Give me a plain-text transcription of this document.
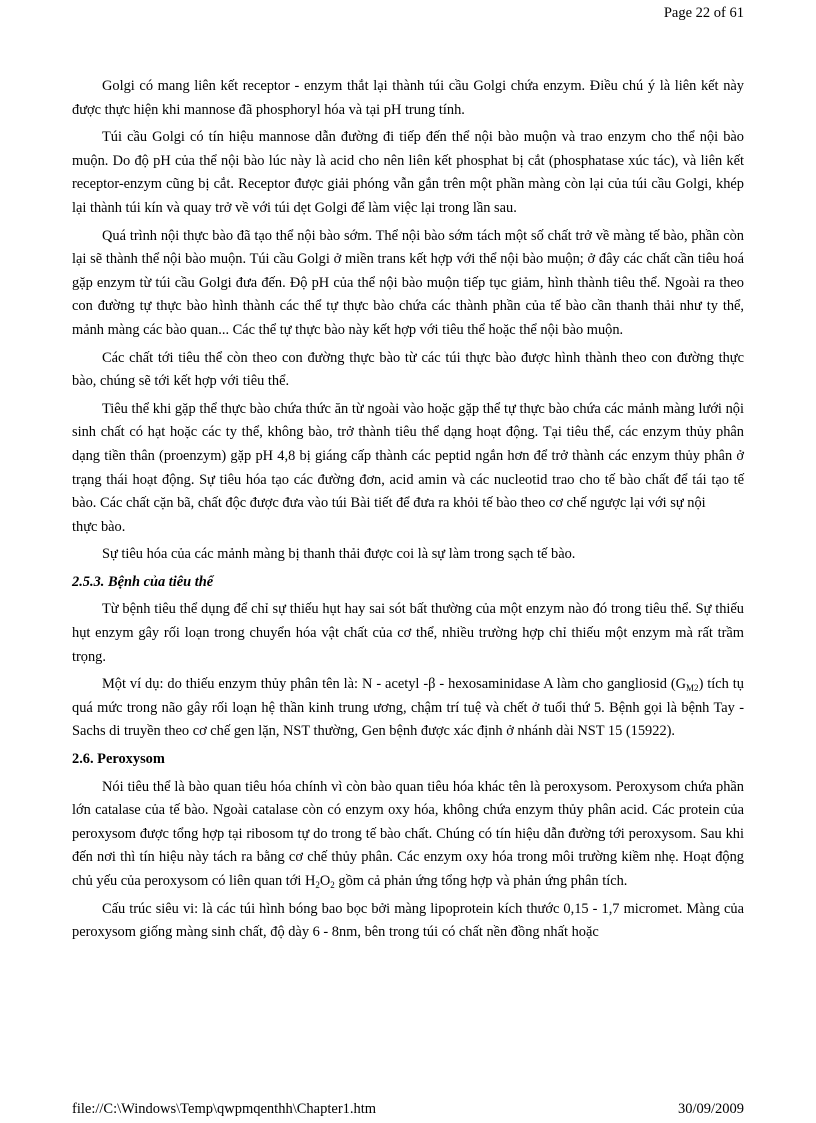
Page 22 of 61

Golgi có mang liên kết receptor - enzym thắt lại thành túi cầu Golgi chứa enzym. Điều chú ý là liên kết này được thực hiện khi mannose đã phosphoryl hóa và tại pH trung tính.

Túi cầu Golgi có tín hiệu mannose dẫn đường đi tiếp đến thể nội bào muộn và trao enzym cho thể nội bào muộn. Do độ pH của thể nội bào lúc này là acid cho nên liên kết phosphat bị cắt (phosphatase xúc tác), và liên kết receptor-enzym cũng bị cắt. Receptor được giải phóng vẫn gắn trên một phần màng còn lại của túi cầu Golgi, khép lại thành túi kín và quay trở về với túi dẹt Golgi để làm việc lại trong lần sau.

Quá trình nội thực bào đã tạo thể nội bào sớm. Thể nội bào sớm tách một số chất trở về màng tế bào, phần còn lại sẽ thành thể nội bào muộn. Túi cầu Golgi ở miền trans kết hợp với thể nội bào muộn; ở đây các chất cần tiêu hoá gặp enzym từ túi cầu Golgi đưa đến. Độ pH của thể nội bào muộn tiếp tục giảm, hình thành tiêu thể. Ngoài ra theo con đường tự thực bào hình thành các thể tự thực bào chứa các thành phần của tế bào cần thanh thải như ty thể, mảnh màng các bào quan... Các thể tự thực bào này kết hợp với tiêu thể hoặc thể nội bào muộn.

Các chất tới tiêu thể còn theo con đường thực bào từ các túi thực bào được hình thành theo con đường thực bào, chúng sẽ tới kết hợp với tiêu thể.

Tiêu thể khi gặp thể thực bào chứa thức ăn từ ngoài vào hoặc gặp thể tự thực bào chứa các mảnh màng lưới nội sinh chất có hạt hoặc các ty thể, không bào, trở thành tiêu thể dạng hoạt động. Tại tiêu thể, các enzym thủy phân dạng tiền thân (proenzym) gặp pH 4,8 bị giáng cấp thành các peptid ngắn hơn để trở thành các enzym thủy phân ở trạng thái hoạt động. Sự tiêu hóa tạo các đường đơn, acid amin và các nucleotid trao cho tế bào chất để tái tạo tế bào. Các chất cặn bã, chất độc được đưa vào túi Bài tiết để đưa ra khỏi tế bào theo cơ chế ngược lại với sự nội

thực bào.

Sự tiêu hóa của các mảnh màng bị thanh thải được coi là sự làm trong sạch tế bào.

2.5.3. Bệnh của tiêu thể

Từ bệnh tiêu thể dụng để chỉ sự thiếu hụt hay sai sót bất thường của một enzym nào đó trong tiêu thể. Sự thiếu hụt enzym gây rối loạn trong chuyển hóa vật chất của cơ thể, nhiều trường hợp chỉ thiếu một enzym mà rất trầm trọng.

Một ví dụ: do thiếu enzym thủy phân tên là: N - acetyl -β - hexosaminidase A làm cho gangliosid $(G_{M2})$ tích tụ quá mức trong não gây rối loạn hệ thần kinh trung ương, chậm trí tuệ và chết ở tuổi thứ 5. Bệnh gọi là bệnh Tay - Sachs di truyền theo cơ chế gen lặn, NST thường, Gen bệnh được xác định ở nhánh dài NST 15 (15922).

2.6. Peroxysom

Nói tiêu thể là bào quan tiêu hóa chính vì còn bào quan tiêu hóa khác tên là peroxysom. Peroxysom chứa phần lớn catalase của tế bào. Ngoài catalase còn có enzym oxy hóa, không chứa enzym thủy phân acid. Các protein của peroxysom được tổng hợp tại ribosom tự do trong tế bào chất. Chúng có tín hiệu dẫn đường tới peroxysom. Sau khi đến nơi thì tín hiệu này tách ra bằng cơ chế thủy phân. Các enzym oxy hóa trong môi trường kiềm nhẹ. Hoạt động chủ yếu của peroxysom có liên quan tới $H_2O_2$ gồm cả phản ứng tổng hợp và phản ứng phân tích.

Cấu trúc siêu vi: là các túi hình bóng bao bọc bởi màng lipoprotein kích thước 0,15 - 1,7 micromet. Màng của peroxysom giống màng sinh chất, độ dày 6 - 8nm, bên trong túi có chất nền đồng nhất hoặc

file://C:\Windows\Temp\qwpmqenthh\Chapter1.htm	30/09/2009
